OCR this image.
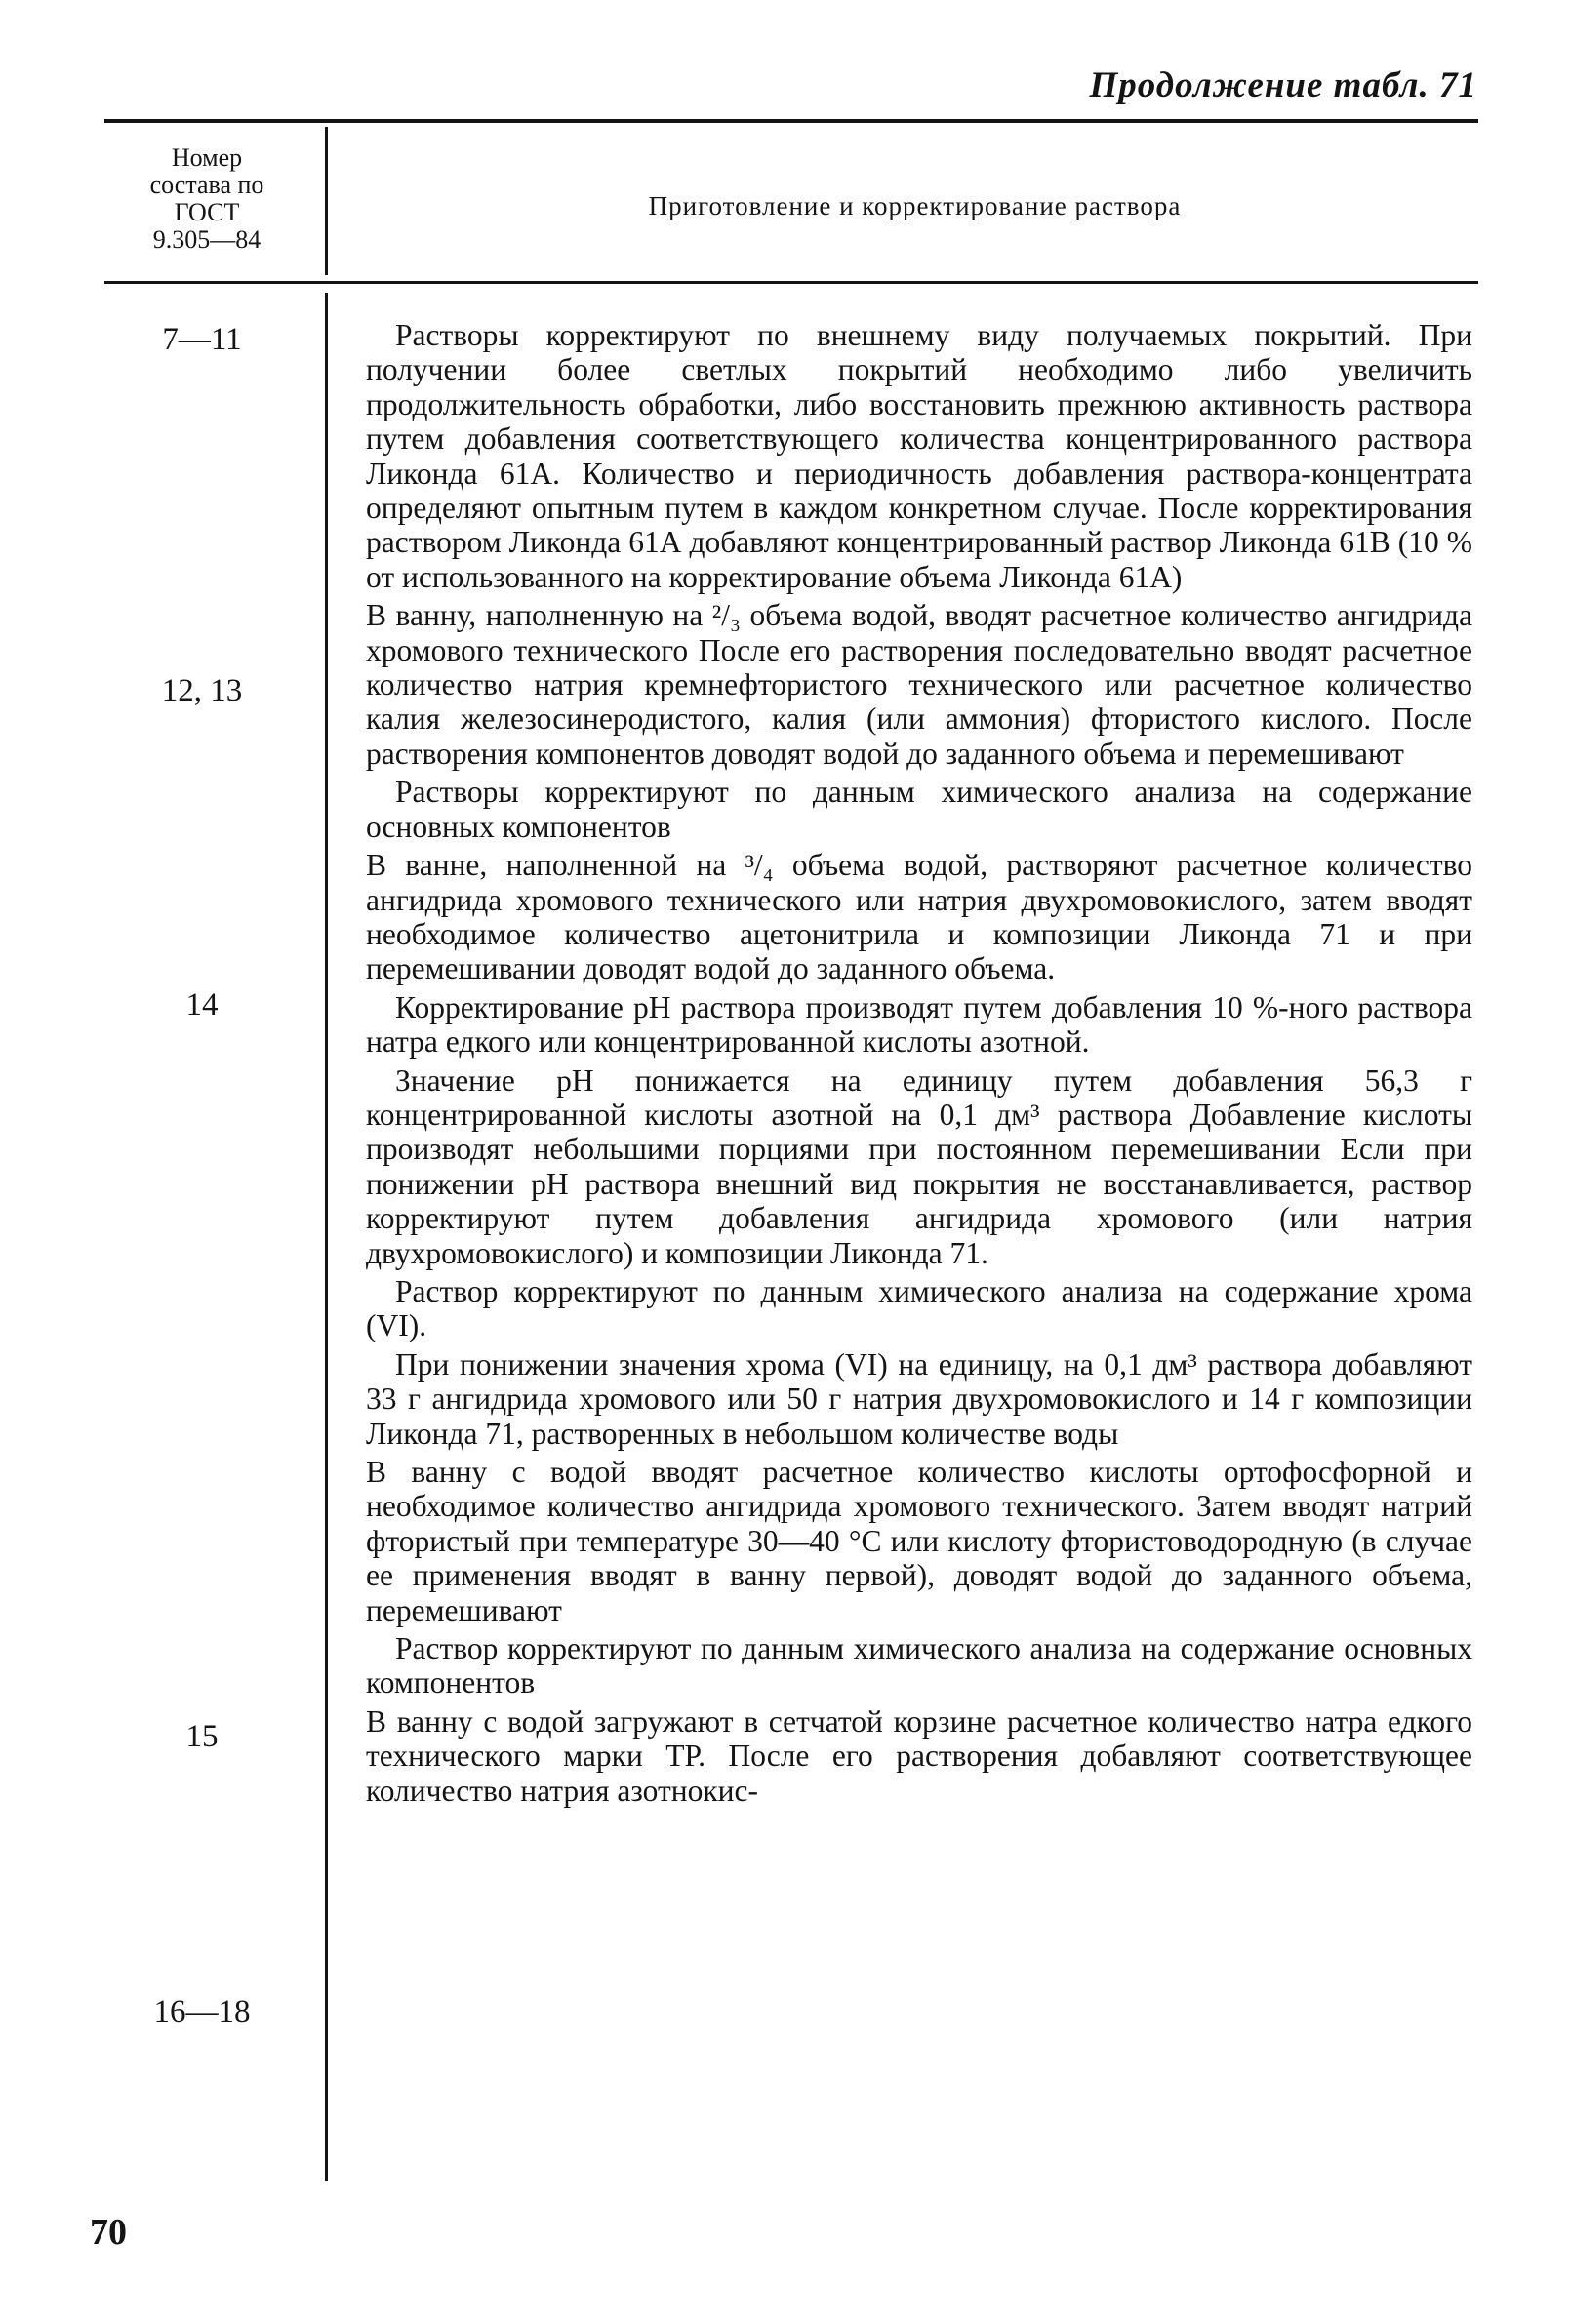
Продолжение табл. 71
Номер
состава по
ГОСТ
9.305—84
Приготовление и корректирование раствора
7—11
12, 13
14
15
16—18

Растворы корректируют по внешнему виду получаемых покрытий. При получении более светлых покрытий необходимо либо увеличить продолжительность обработки, либо восстановить прежнюю активность раствора путем добавления соответствующего количества концентрированного раствора Ликонда 61А. Количество и периодичность добавления раствора-концентрата определяют опытным путем в каждом конкретном случае. После корректирования раствором Ликонда 61А добавляют концентрированный раствор Ликонда 61В (10 % от использованного на корректирование объема Ликонда 61А)

В ванну, наполненную на ²/₃ объема водой, вводят расчетное количество ангидрида хромового технического После его растворения последовательно вводят расчетное количество натрия кремнефтористого технического или расчетное количество калия железосинеродистого, калия (или аммония) фтористого кислого. После растворения компонентов доводят водой до заданного объема и перемешивают

Растворы корректируют по данным химического анализа на содержание основных компонентов

В ванне, наполненной на ³/₄ объема водой, растворяют расчетное количество ангидрида хромового технического или натрия двухромовокислого, затем вводят необходимое количество ацетонитрила и композиции Ликонда 71 и при перемешивании доводят водой до заданного объема.

Корректирование рН раствора производят путем добавления 10 %-ного раствора натра едкого или концентрированной кислоты азотной.

Значение рН понижается на единицу путем добавления 56,3 г концентрированной кислоты азотной на 0,1 дм³ раствора Добавление кислоты производят небольшими порциями при постоянном перемешивании Если при понижении рН раствора внешний вид покрытия не восстанавливается, раствор корректируют путем добавления ангидрида хромового (или натрия двухромовокислого) и композиции Ликонда 71.

Раствор корректируют по данным химического анализа на содержание хрома (VI).

При понижении значения хрома (VI) на единицу, на 0,1 дм³ раствора добавляют 33 г ангидрида хромового или 50 г натрия двухромовокислого и 14 г композиции Ликонда 71, растворенных в небольшом количестве воды

В ванну с водой вводят расчетное количество кислоты ортофосфорной и необходимое количество ангидрида хромового технического. Затем вводят натрий фтористый при температуре 30—40 °С или кислоту фтористоводородную (в случае ее применения вводят в ванну первой), доводят водой до заданного объема, перемешивают

Раствор корректируют по данным химического анализа на содержание основных компонентов

В ванну с водой загружают в сетчатой корзине расчетное количество натра едкого технического марки ТР. После его растворения добавляют соответствующее количество натрия азотнокис-

70
